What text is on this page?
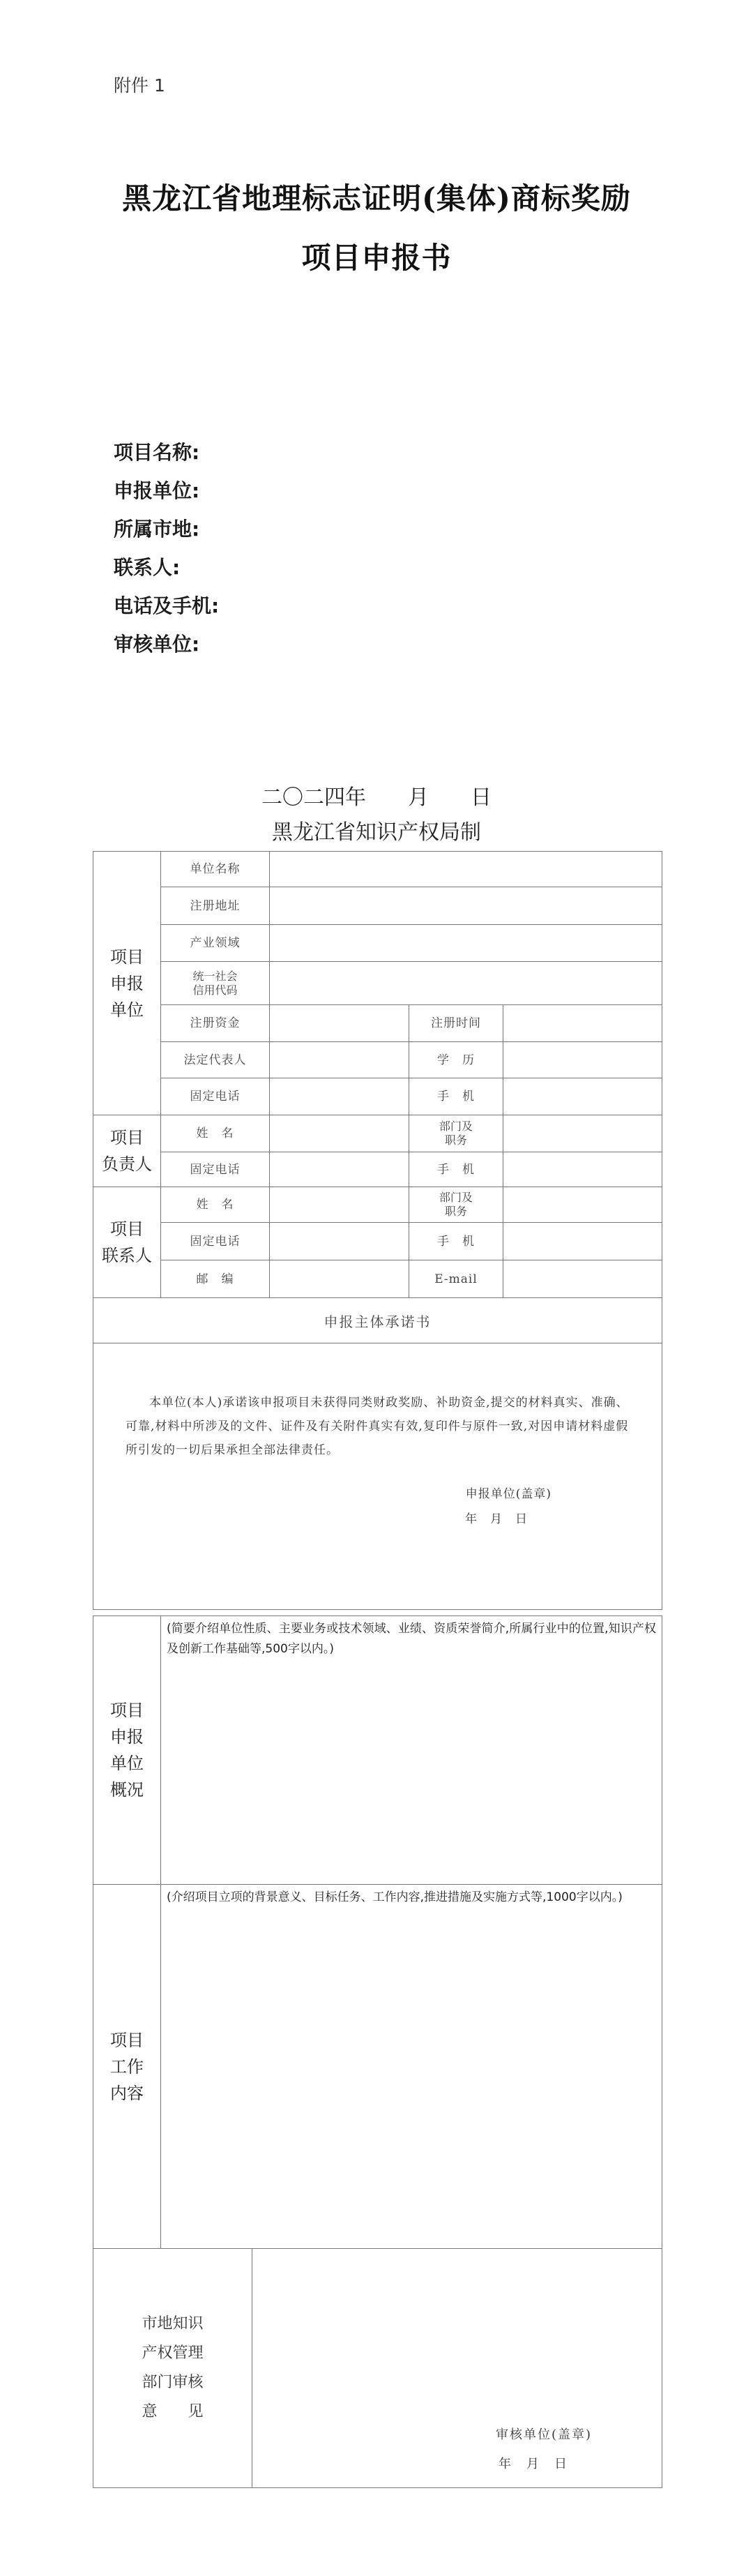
附件 1
黑龙江省地理标志证明(集体)商标奖励
项目申报书
项目名称:
申报单位:
所属市地:
联系人:
电话及手机:
审核单位:
二〇二四年　　月　　日
黑龙江省知识产权局制
项目
申报
单位	单位名称			
	注册地址			
	产业领域			
	统一社会
信用代码			
	注册资金		注册时间	
	法定代表人		学　历	
	固定电话		手　机	
项目
负责人	姓　名		部门及
职务	
	固定电话		手　机	
项目
联系人	姓　名		部门及
职务	
	固定电话		手　机	
	邮　编		E-mail	
申报主体承诺书				

本单位(本人)承诺该申报项目未获得同类财政奖励、补助资金,提交的材料真实、准确、可靠,材料中所涉及的文件、证件及有关附件真实有效,复印件与原件一致,对因申请材料虚假所引发的一切后果承担全部法律责任。
申报单位(盖章)
年　月　日				
项目
申报
单位
概况	(简要介绍单位性质、主要业务或技术领域、业绩、资质荣誉简介,所属行业中的位置,知识产权及创新工作基础等,500字以内。)
项目
工作
内容	(介绍项目立项的背景意义、目标任务、工作内容,推进措施及实施方式等,1000字以内。)
市地知识
产权管理
部门审核
意　　见	
审核单位(盖章)
年　月　日
